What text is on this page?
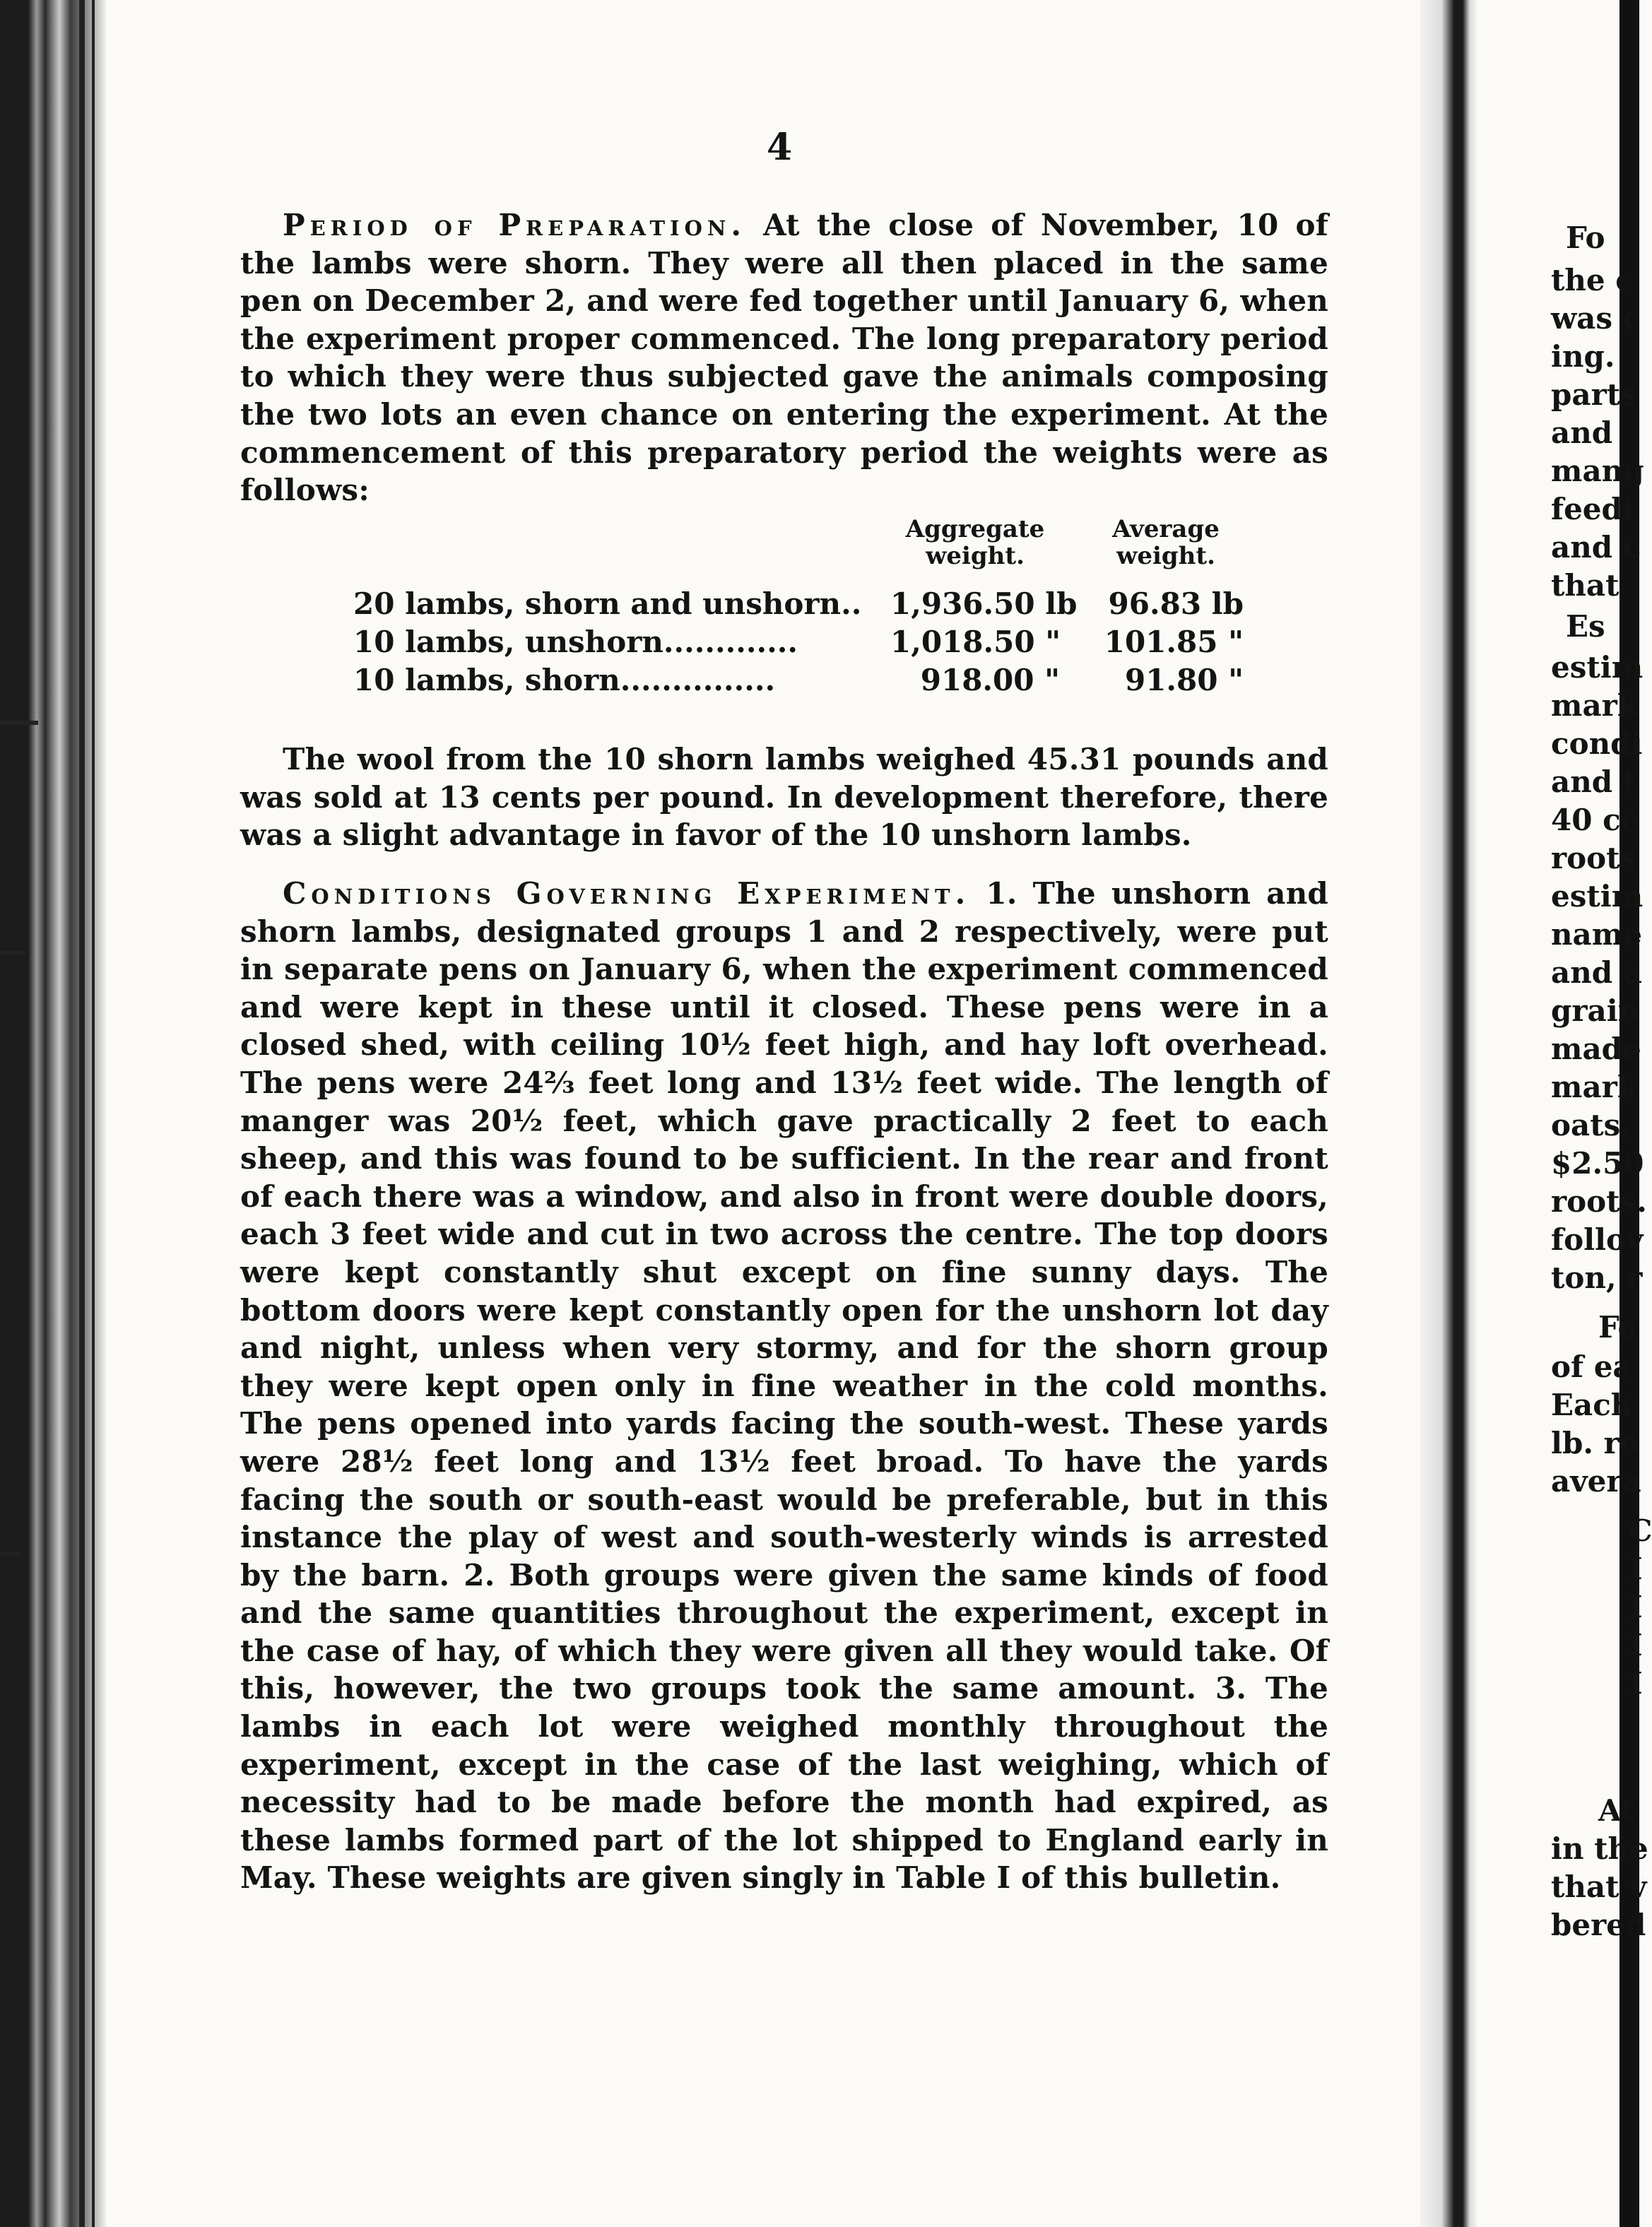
4

Period of Preparation. At the close of November, 10 of the lambs were shorn. They were all then placed in the same pen on December 2, and were fed together until January 6, when the experiment proper commenced. The long preparatory period to which they were thus subjected gave the animals composing the two lots an even chance on entering the experiment. At the commencement of this preparatory period the weights were as follows:

Aggregate weight.
Average weight.
20 lambs, shorn and unshorn.. 1,936.50 lb	96.83 lb
10 lambs, unshorn.............	1,018.50 "	101.85 "
10 lambs, shorn...............	918.00 "	91.80 "

The wool from the 10 shorn lambs weighed 45.31 pounds and was sold at 13 cents per pound. In development therefore, there was a slight advantage in favor of the 10 unshorn lambs.

Conditions Governing Experiment. 1. The unshorn and shorn lambs, designated groups 1 and 2 respectively, were put in separate pens on January 6, when the experiment commenced and were kept in these until it closed. These pens were in a closed shed, with ceiling 10½ feet high, and hay loft overhead. The pens were 24⅔ feet long and 13½ feet wide. The length of manger was 20½ feet, which gave practically 2 feet to each sheep, and this was found to be sufficient. In the rear and front of each there was a window, and also in front were double doors, each 3 feet wide and cut in two across the centre. The top doors were kept constantly shut except on fine sunny days. The bottom doors were kept constantly open for the unshorn lot day and night, unless when very stormy, and for the shorn group they were kept open only in fine weather in the cold months. The pens opened into yards facing the south-west. These yards were 28½ feet long and 13½ feet broad. To have the yards facing the south or south-east would be preferable, but in this instance the play of west and south-westerly winds is arrested by the barn. 2. Both groups were given the same kinds of food and the same quantities throughout the experiment, except in the case of hay, of which they were given all they would take. Of this, however, the two groups took the same amount. 3. The lambs in each lot were weighed monthly throughout the experiment, except in the case of the last weighing, which of necessity had to be made before the month had expired, as these lambs formed part of the lot shipped to England early in May. These weights are given singly in Table I of this bulletin.

Fo
the c
was c
ing.
parts
and
mang
feedi
and c
that
Es
estim
mark
condi
and t
40 ce
roots
estim
name
and a
grain
made
mark
oats,
$2.50
roots.
follov
ton, r
Fo
of ea
Each
lb. ro
avera
C
I
I
I
I
At
in the
that v
bered
